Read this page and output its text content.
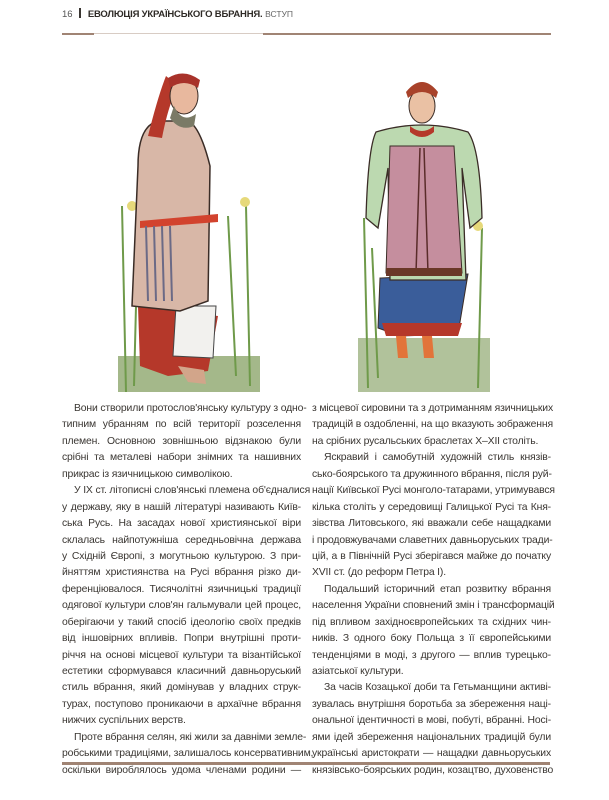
16 ЕВОЛЮЦІЯ УКРАЇНСЬКОГО ВБРАННЯ. ВСТУП
Вони створили протослов'янську культуру з одно-
типним убранням по всій території розселення
племен. Основною зовнішньою відзнакою були
срібні та металеві набори знімних та нашивних
прикрас із язичницькою символікою.
У IX ст. літописні слов'янські племена об'єдналися
у державу, яку в нашій літературі називають Київ-
ська Русь. На засадах нової християнської віри
склалась найпотужніша середньовічна держава
у Східній Європі, з могутньою культурою. З при-
йняттям християнства на Русі вбрання різко ди-
ференціювалося. Тисячолітні язичницькі традиції
одягової культури слов'ян гальмували цей процес,
оберігаючи у такий спосіб ідеологію своїх предків
від іншовірних впливів. Попри внутрішні проти-
річчя на основі місцевої культури та візантійської
естетики сформувався класичний давньоруський
стиль вбрання, який домінував у владних струк-
турах, поступово проникаючи в архаїчне вбрання
нижчих суспільних верств.
Проте вбрання селян, які жили за давніми земле-
робськими традиціями, залишалось консервативним,
оскільки вироблялось удома членами родини —
з місцевої сировини та з дотриманням язичницьких
традицій в оздобленні, на що вказують зображення
на срібних русальських браслетах X–XII століть.
Яскравий і самобутній художній стиль князів-
сько-боярського та дружинного вбрання, після руй-
нації Київської Русі монголо-татарами, утримувався
кілька століть у середовищі Галицької Русі та Кня-
зівства Литовського, які вважали себе нащадками
і продовжувачами славетних давньоруських тради-
цій, а в Північній Русі зберігався майже до початку
XVII ст. (до реформ Петра I).
Подальший історичний етап розвитку вбрання
населення України сповнений змін і трансформацій
під впливом західноєвропейських та східних чин-
ників. З одного боку Польща з її європейськими
тенденціями в моді, з другого — вплив турецько-
азіатської культури.
За часів Козацької доби та Гетьманщини активі-
зувалась внутрішня боротьба за збереження наці-
ональної ідентичності в мові, побуті, вбранні. Носі-
ями ідей збереження національних традицій були
українські аристократи — нащадки давньоруських
князівсько-боярських родин, козацтво, духовенство
